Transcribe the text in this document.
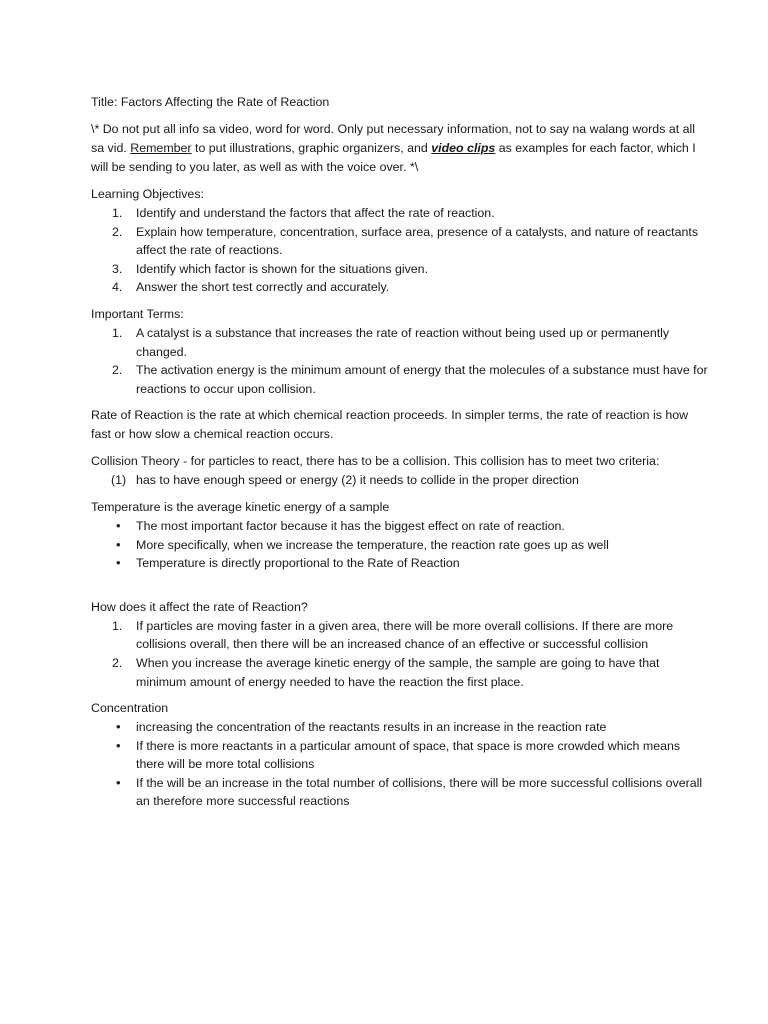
Title: Factors Affecting the Rate of Reaction

\* Do not put all info sa video, word for word. Only put necessary information, not to say na walang words at all sa vid. Remember to put illustrations, graphic organizers, and video clips as examples for each factor, which I will be sending to you later, as well as with the voice over. *\

Learning Objectives:

1. Identify and understand the factors that affect the rate of reaction.
2. Explain how temperature, concentration, surface area, presence of a catalysts, and nature of reactants affect the rate of reactions.
3. Identify which factor is shown for the situations given.
4. Answer the short test correctly and accurately.

Important Terms:

1. A catalyst is a substance that increases the rate of reaction without being used up or permanently changed.
2. The activation energy is the minimum amount of energy that the molecules of a substance must have for reactions to occur upon collision.

Rate of Reaction is the rate at which chemical reaction proceeds. In simpler terms, the rate of reaction is how fast or how slow a chemical reaction occurs.

Collision Theory - for particles to react, there has to be a collision. This collision has to meet two criteria:

(1) has to have enough speed or energy (2) it needs to collide in the proper direction

Temperature is the average kinetic energy of a sample

• The most important factor because it has the biggest effect on rate of reaction.
• More specifically, when we increase the temperature, the reaction rate goes up as well
• Temperature is directly proportional to the Rate of Reaction

How does it affect the rate of Reaction?

1. If particles are moving faster in a given area, there will be more overall collisions. If there are more collisions overall, then there will be an increased chance of an effective or successful collision
2. When you increase the average kinetic energy of the sample, the sample are going to have that minimum amount of energy needed to have the reaction the first place.

Concentration

• increasing the concentration of the reactants results in an increase in the reaction rate
• If there is more reactants in a particular amount of space, that space is more crowded which means there will be more total collisions
• If the will be an increase in the total number of collisions, there will be more successful collisions overall an therefore more successful reactions
